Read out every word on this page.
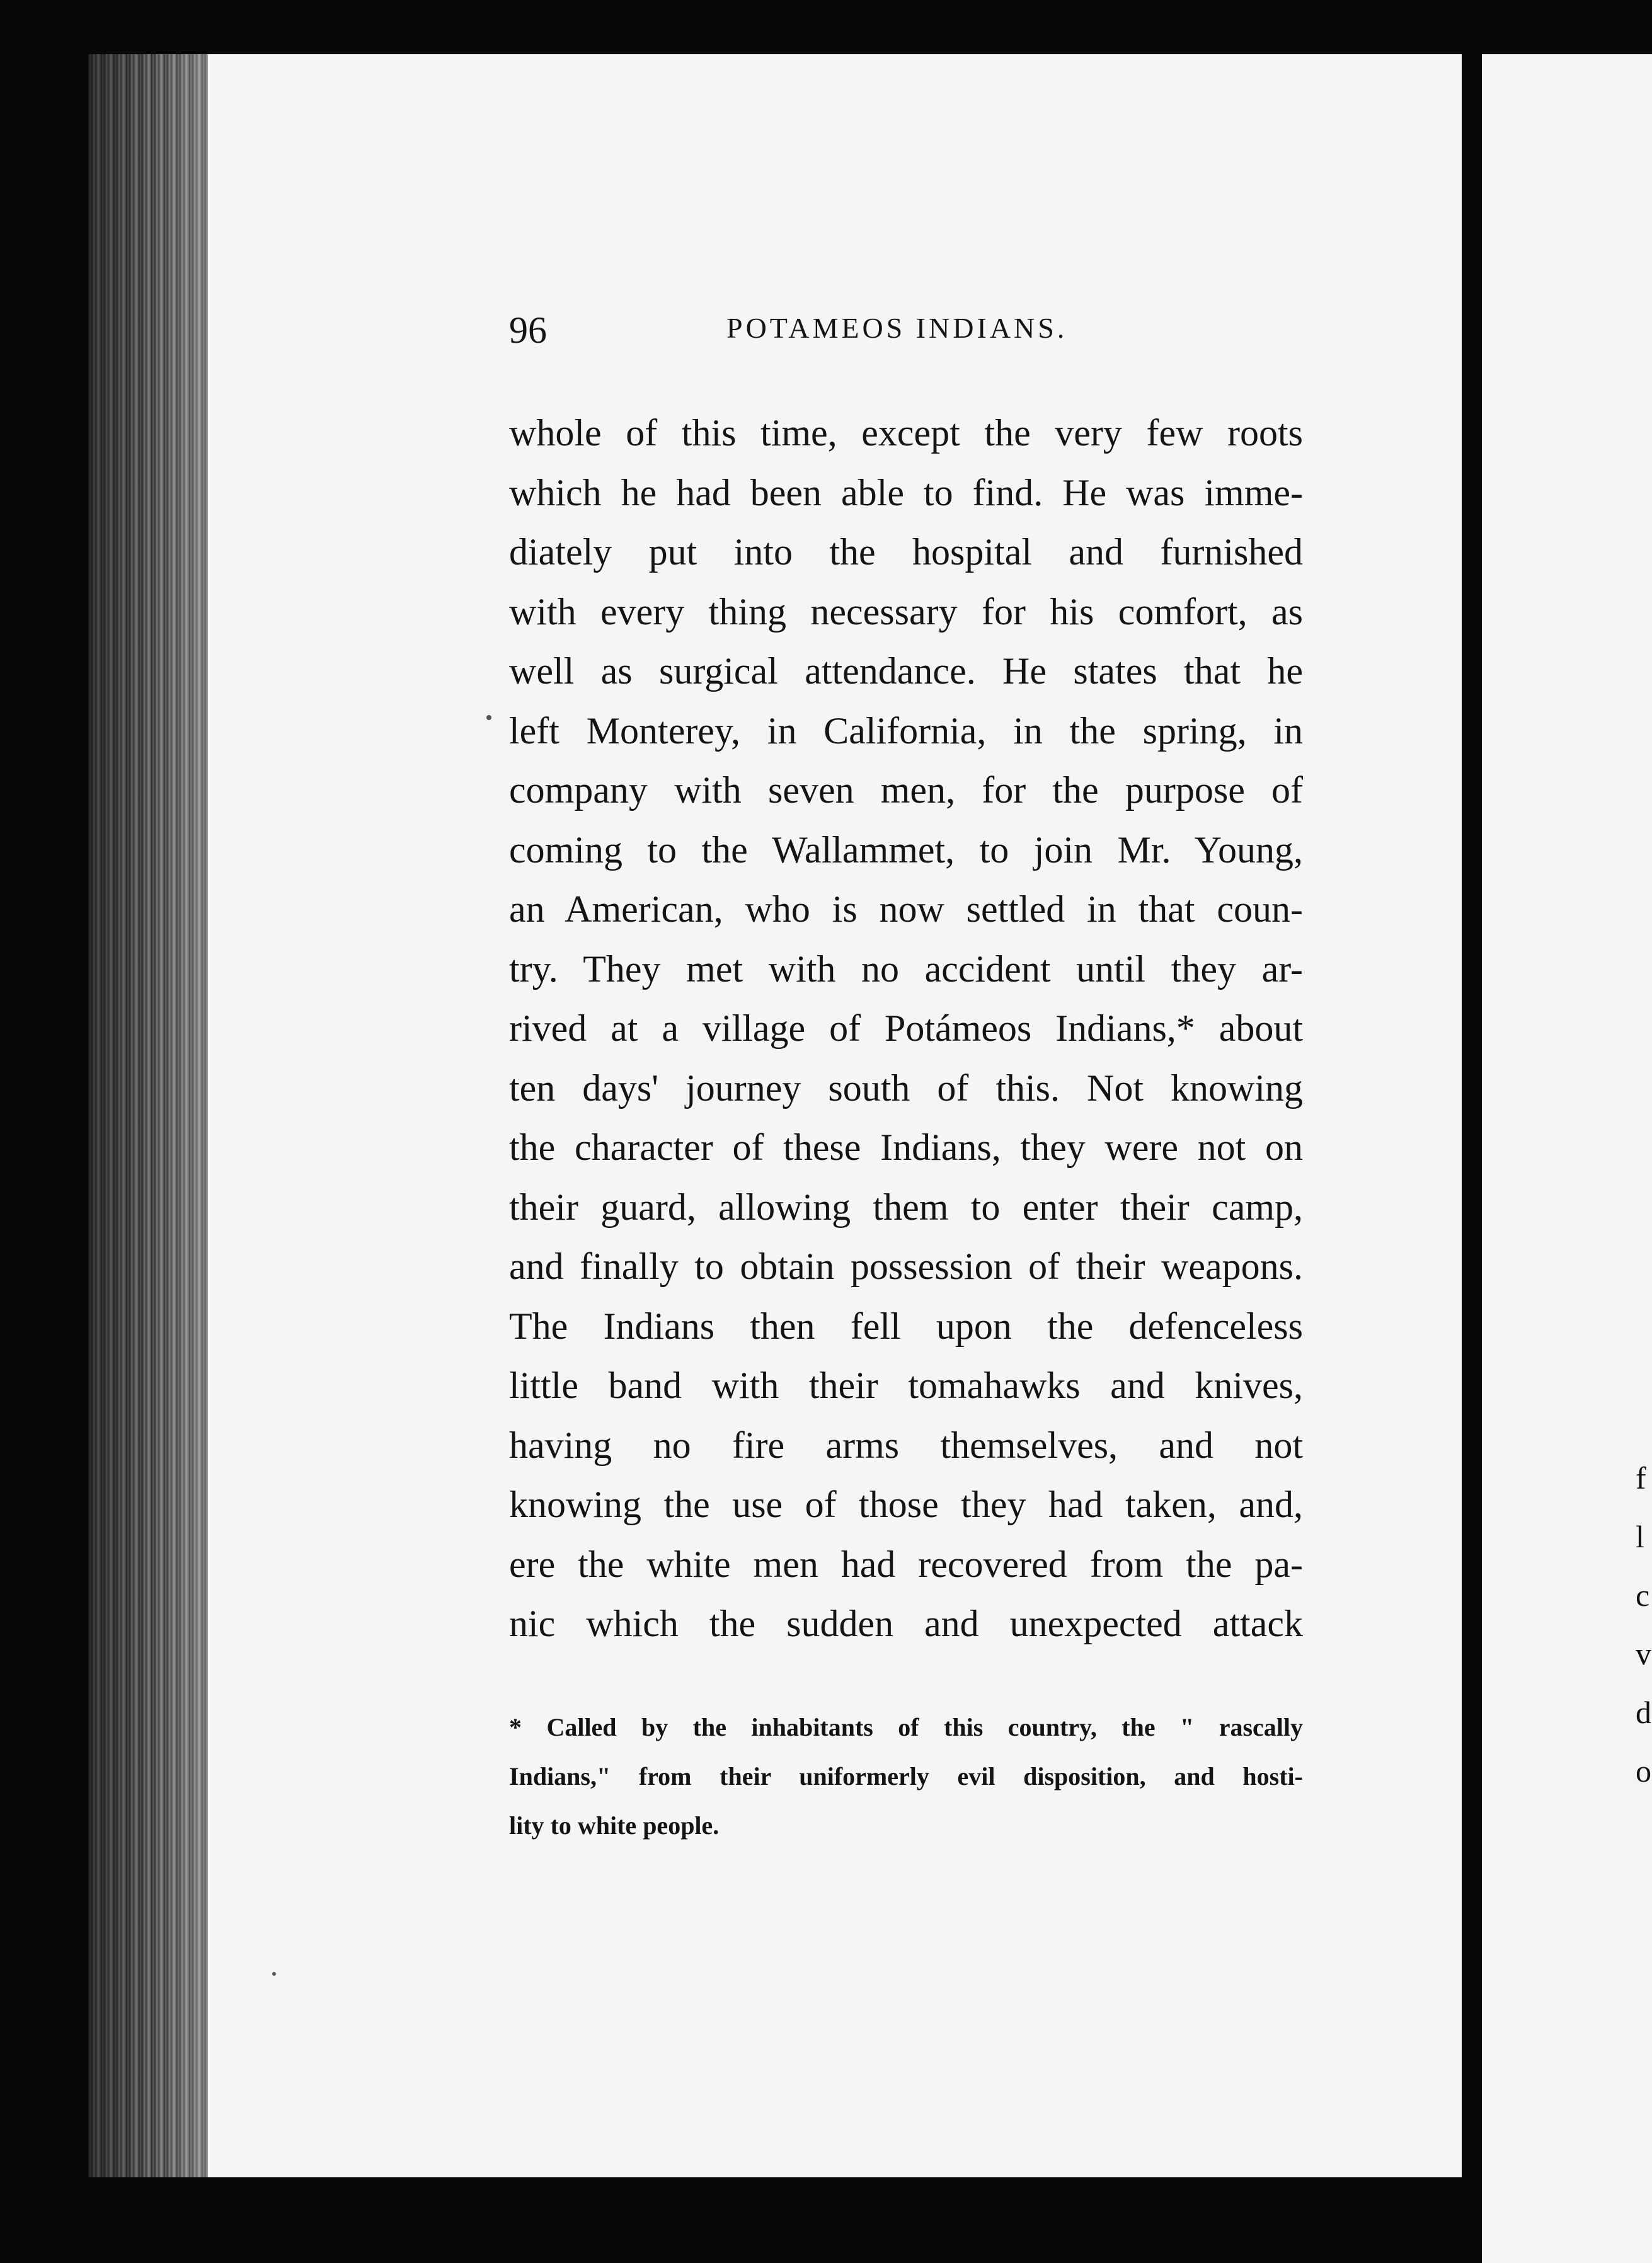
f
l
c
v
d
o
96	POTAMEOS INDIANS.
whole of this time, except the very few roots
which he had been able to find. He was imme-
diately put into the hospital and furnished
with every thing necessary for his comfort, as
well as surgical attendance. He states that he
left Monterey, in California, in the spring, in
company with seven men, for the purpose of
coming to the Wallammet, to join Mr. Young,
an American, who is now settled in that coun-
try. They met with no accident until they ar-
rived at a village of Potámeos Indians,* about
ten days' journey south of this. Not knowing
the character of these Indians, they were not on
their guard, allowing them to enter their camp,
and finally to obtain possession of their weapons.
The Indians then fell upon the defenceless
little band with their tomahawks and knives,
having no fire arms themselves, and not
knowing the use of those they had taken, and,
ere the white men had recovered from the pa-
nic which the sudden and unexpected attack
* Called by the inhabitants of this country, the " rascally
Indians," from their uniformerly evil disposition, and hosti-
lity to white people.
